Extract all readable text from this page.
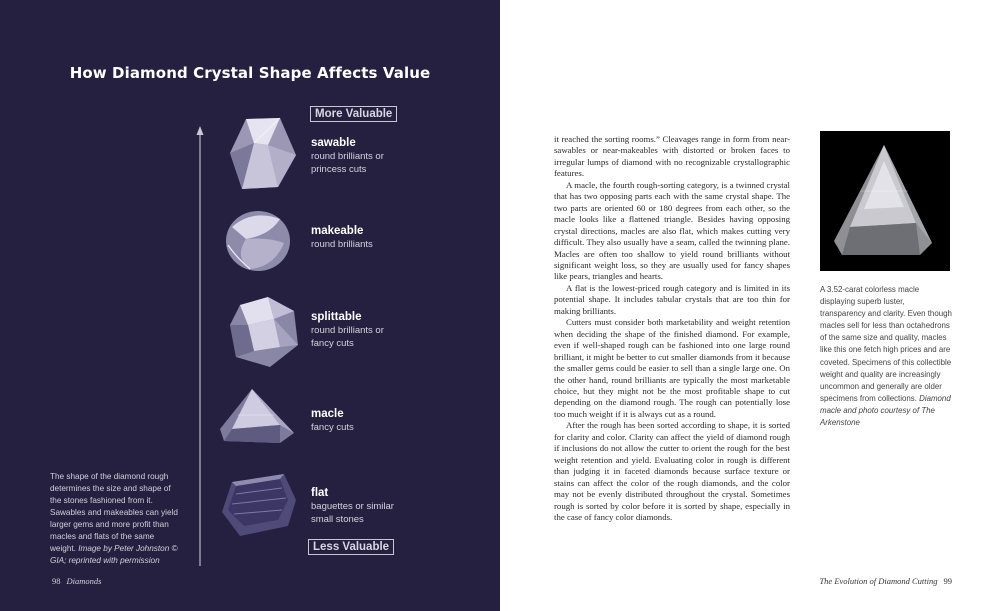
How Diamond Crystal Shape Affects Value
More Valuable
Less Valuable
sawable
round brilliants or princess cuts
makeable
round brilliants
splittable
round brilliants or fancy cuts
macle
fancy cuts
flat
baguettes or similar small stones
The shape of the diamond rough determines the size and shape of the stones fashioned from it. Sawables and makeables can yield larger gems and more profit than macles and flats of the same weight. Image by Peter Johnston © GIA; reprinted with permission
98 Diamonds

it reached the sorting rooms.” Cleavages range in form from near-sawables or near-makeables with distorted or broken faces to irregular lumps of diamond with no recognizable crystallographic features.

A macle, the fourth rough-sorting category, is a twinned crystal that has two opposing parts each with the same crystal shape. The two parts are oriented 60 or 180 degrees from each other, so the macle looks like a flattened triangle. Besides having opposing crystal directions, macles are also flat, which makes cutting very difficult. They also usually have a seam, called the twinning plane. Macles are often too shallow to yield round brilliants without significant weight loss, so they are usually used for fancy shapes like pears, triangles and hearts.

A flat is the lowest-priced rough category and is limited in its potential shape. It includes tabular crystals that are too thin for making brilliants.

Cutters must consider both marketability and weight retention when deciding the shape of the finished diamond. For example, even if well-shaped rough can be fashioned into one large round brilliant, it might be better to cut smaller diamonds from it because the smaller gems could be easier to sell than a single large one. On the other hand, round brilliants are typically the most marketable choice, but they might not be the most profitable shape to cut depending on the diamond rough. The rough can potentially lose too much weight if it is always cut as a round.

After the rough has been sorted according to shape, it is sorted for clarity and color. Clarity can affect the yield of diamond rough if inclusions do not allow the cutter to orient the rough for the best weight retention and yield. Evaluating color in rough is different than judging it in faceted diamonds because surface texture or stains can affect the color of the rough diamonds, and the color may not be evenly distributed throughout the crystal. Sometimes rough is sorted by color before it is sorted by shape, especially in the case of fancy color diamonds.

A 3.52-carat colorless macle displaying superb luster, transparency and clarity. Even though macles sell for less than octahedrons of the same size and quality, macles like this one fetch high prices and are coveted. Specimens of this collectible weight and quality are increasingly uncommon and generally are older specimens from collections. Diamond macle and photo courtesy of The Arkenstone
The Evolution of Diamond Cutting 99
